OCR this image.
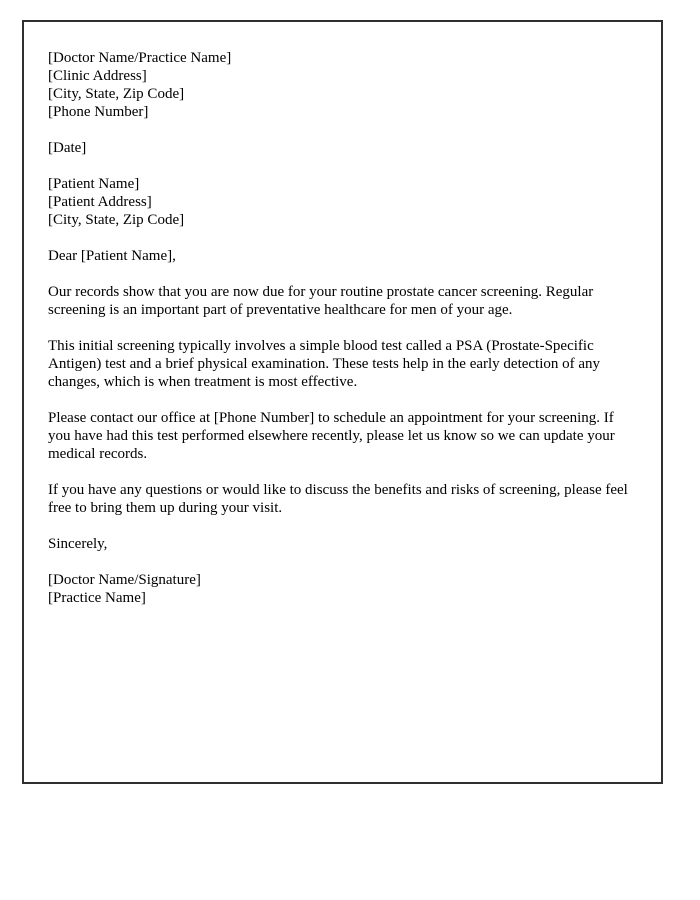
[Doctor Name/Practice Name]
[Clinic Address]
[City, State, Zip Code]
[Phone Number]
[Date]
[Patient Name]
[Patient Address]
[City, State, Zip Code]

Dear [Patient Name],

Our records show that you are now due for your routine prostate cancer screening. Regular screening is an important part of preventative healthcare for men of your age.

This initial screening typically involves a simple blood test called a PSA (Prostate-Specific Antigen) test and a brief physical examination. These tests help in the early detection of any changes, which is when treatment is most effective.

Please contact our office at [Phone Number] to schedule an appointment for your screening. If you have had this test performed elsewhere recently, please let us know so we can update your medical records.

If you have any questions or would like to discuss the benefits and risks of screening, please feel free to bring them up during your visit.

Sincerely,

[Doctor Name/Signature]
[Practice Name]
